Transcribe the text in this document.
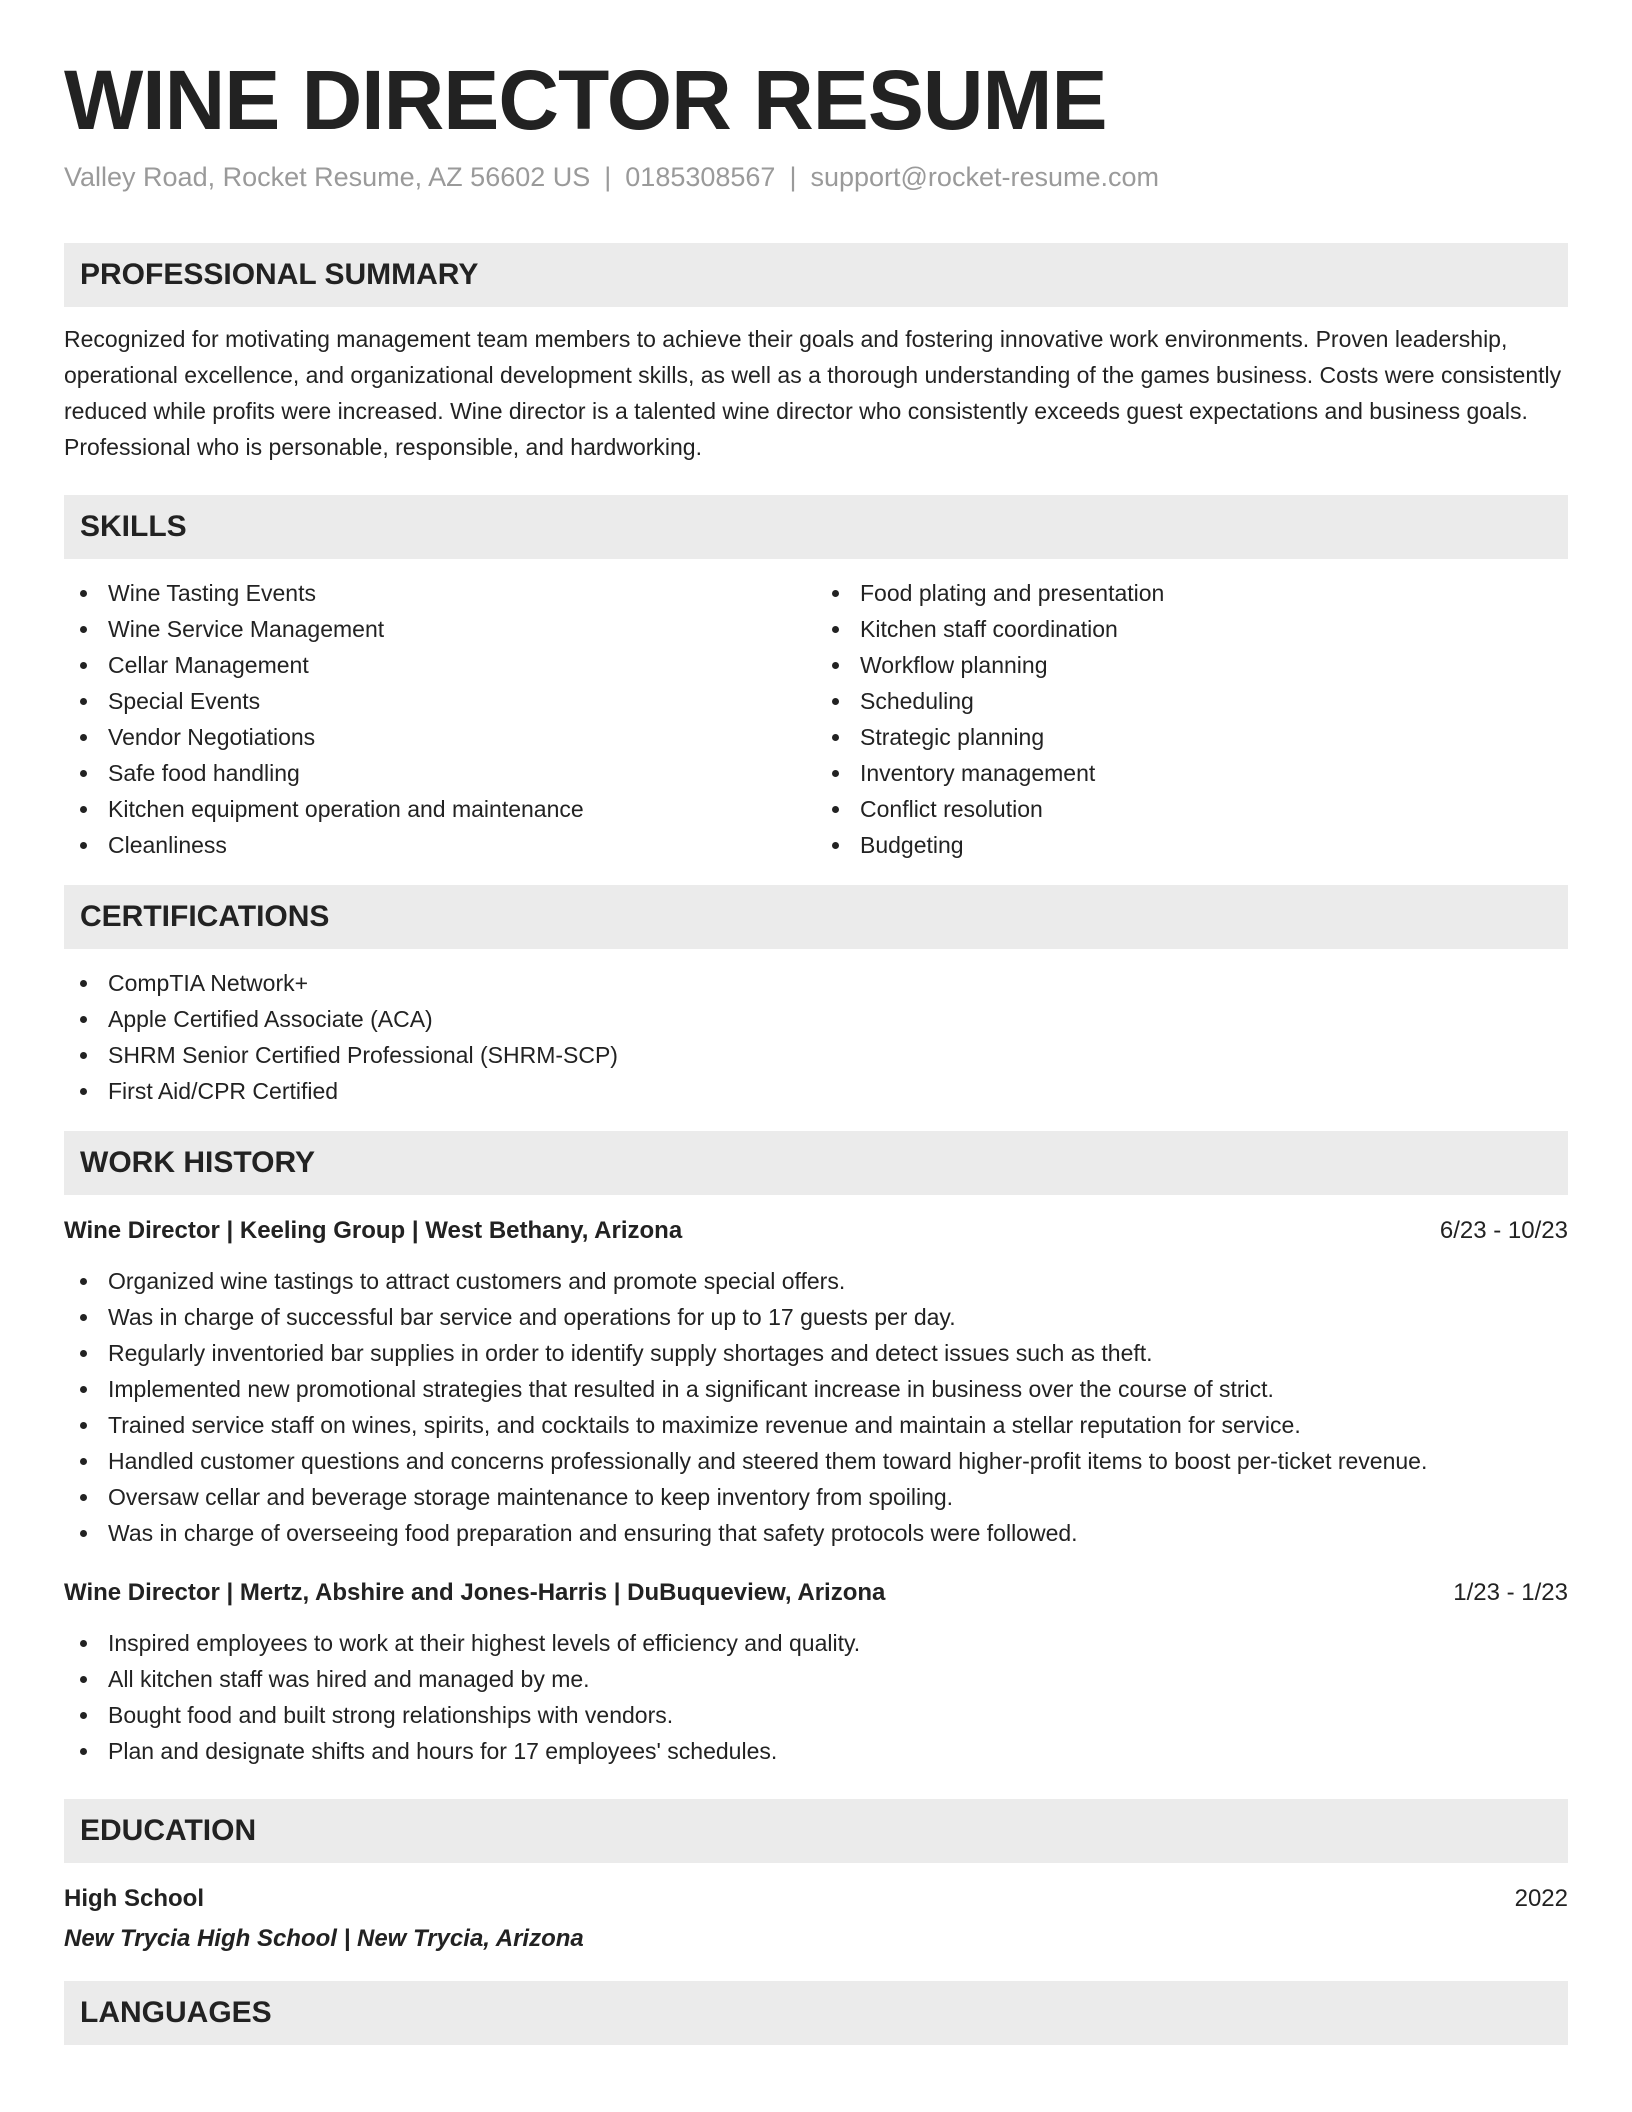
WINE DIRECTOR RESUME
Valley Road, Rocket Resume, AZ 56602 US | 0185308567 | support@rocket-resume.com
PROFESSIONAL SUMMARY

Recognized for motivating management team members to achieve their goals and fostering innovative work environments. Proven leadership, operational excellence, and organizational development skills, as well as a thorough understanding of the games business. Costs were consistently reduced while profits were increased. Wine director is a talented wine director who consistently exceeds guest expectations and business goals. Professional who is personable, responsible, and hardworking.

SKILLS
Wine Tasting Events
Wine Service Management
Cellar Management
Special Events
Vendor Negotiations
Safe food handling
Kitchen equipment operation and maintenance
Cleanliness
Food plating and presentation
Kitchen staff coordination
Workflow planning
Scheduling
Strategic planning
Inventory management
Conflict resolution
Budgeting
CERTIFICATIONS
CompTIA Network+
Apple Certified Associate (ACA)
SHRM Senior Certified Professional (SHRM-SCP)
First Aid/CPR Certified
WORK HISTORY
Wine Director | Keeling Group | West Bethany, Arizona	6/23 - 10/23
Organized wine tastings to attract customers and promote special offers.
Was in charge of successful bar service and operations for up to 17 guests per day.
Regularly inventoried bar supplies in order to identify supply shortages and detect issues such as theft.
Implemented new promotional strategies that resulted in a significant increase in business over the course of strict.
Trained service staff on wines, spirits, and cocktails to maximize revenue and maintain a stellar reputation for service.
Handled customer questions and concerns professionally and steered them toward higher-profit items to boost per-ticket revenue.
Oversaw cellar and beverage storage maintenance to keep inventory from spoiling.
Was in charge of overseeing food preparation and ensuring that safety protocols were followed.
Wine Director | Mertz, Abshire and Jones-Harris | DuBuqueview, Arizona	1/23 - 1/23
Inspired employees to work at their highest levels of efficiency and quality.
All kitchen staff was hired and managed by me.
Bought food and built strong relationships with vendors.
Plan and designate shifts and hours for 17 employees' schedules.
EDUCATION
High School	2022
New Trycia High School | New Trycia, Arizona
LANGUAGES
